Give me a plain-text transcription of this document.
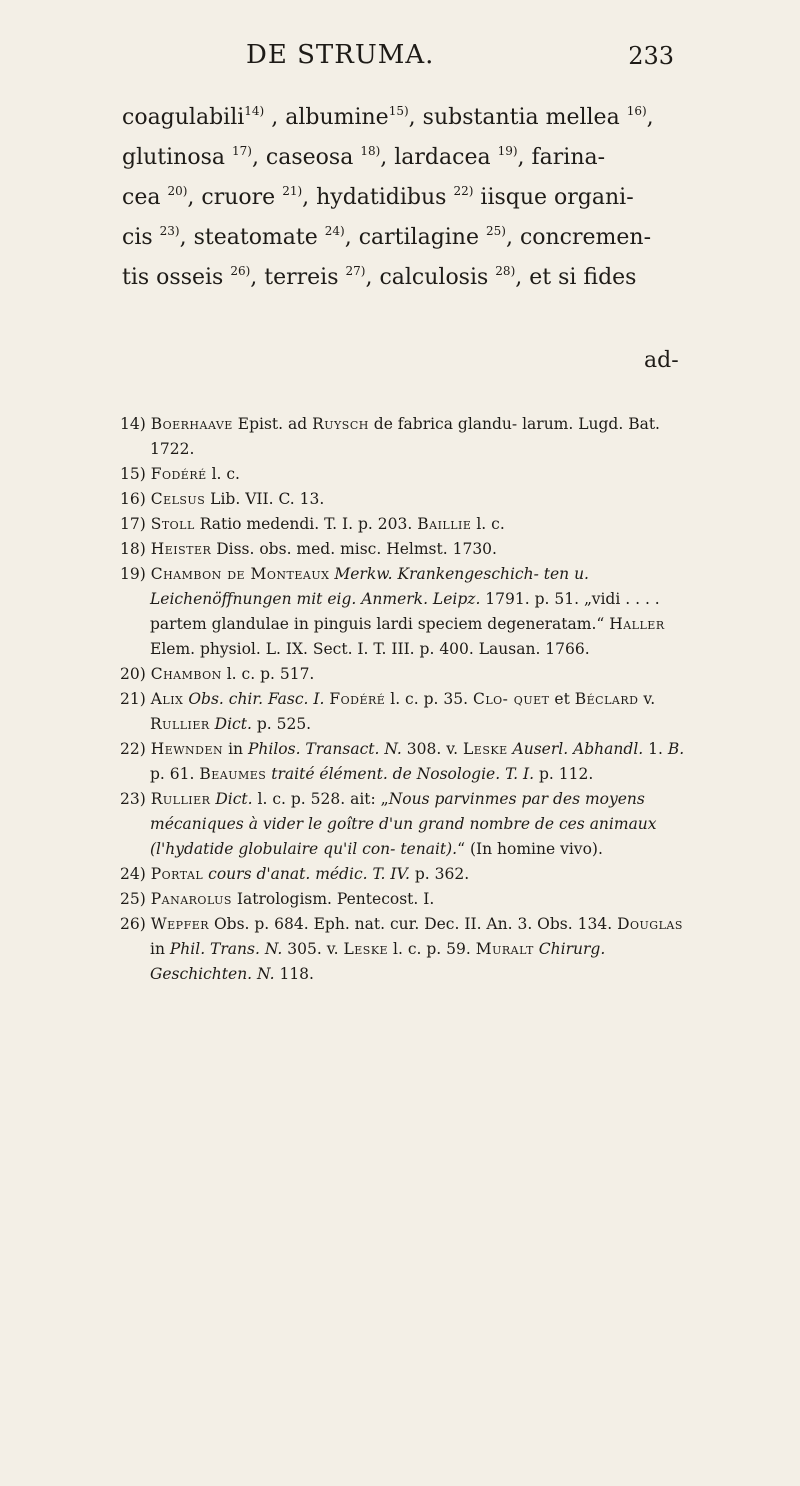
DE STRUMA.	233
coagulabili$^{14)}$ , albumine$^{15)}$, substantia mellea $^{16)}$,
glutinosa $^{17)}$, caseosa $^{18)}$, lardacea $^{19)}$, farina-
cea $^{20)}$, cruore $^{21)}$, hydatidibus $^{22)}$ iisque organi-
cis $^{23)}$, steatomate $^{24)}$, cartilagine $^{25)}$, concremen-
tis osseis $^{26)}$, terreis $^{27)}$, calculosis $^{28)}$, et si fides
ad-

14) Boerhaave Epist. ad Ruysch de fabrica glandu- larum. Lugd. Bat. 1722.

15) Fodéré l. c.

16) Celsus Lib. VII. C. 13.

17) Stoll Ratio medendi. T. I. p. 203. Baillie l. c.

18) Heister Diss. obs. med. misc. Helmst. 1730.

19) Chambon de Monteaux Merkw. Krankengeschich- ten u. Leichenöffnungen mit eig. Anmerk. Leipz. 1791. p. 51. „vidi . . . . partem glandulae in pinguis lardi speciem degeneratam.“ Haller Elem. physiol. L. IX. Sect. I. T. III. p. 400. Lausan. 1766.

20) Chambon l. c. p. 517.

21) Alix Obs. chir. Fasc. I. Fodéré l. c. p. 35. Clo- quet et Béclard v. Rullier Dict. p. 525.

22) Hewnden in Philos. Transact. N. 308. v. Leske Auserl. Abhandl. 1. B. p. 61. Beaumes traité élément. de Nosologie. T. I. p. 112.

23) Rullier Dict. l. c. p. 528. ait: „Nous parvinmes par des moyens mécaniques à vider le goître d'un grand nombre de ces animaux (l'hydatide globulaire qu'il con- tenait).“ (In homine vivo).

24) Portal cours d'anat. médic. T. IV. p. 362.

25) Panarolus Iatrologism. Pentecost. I.

26) Wepfer Obs. p. 684. Eph. nat. cur. Dec. II. An. 3. Obs. 134. Douglas in Phil. Trans. N. 305. v. Leske l. c. p. 59. Muralt Chirurg. Geschichten. N. 118.
